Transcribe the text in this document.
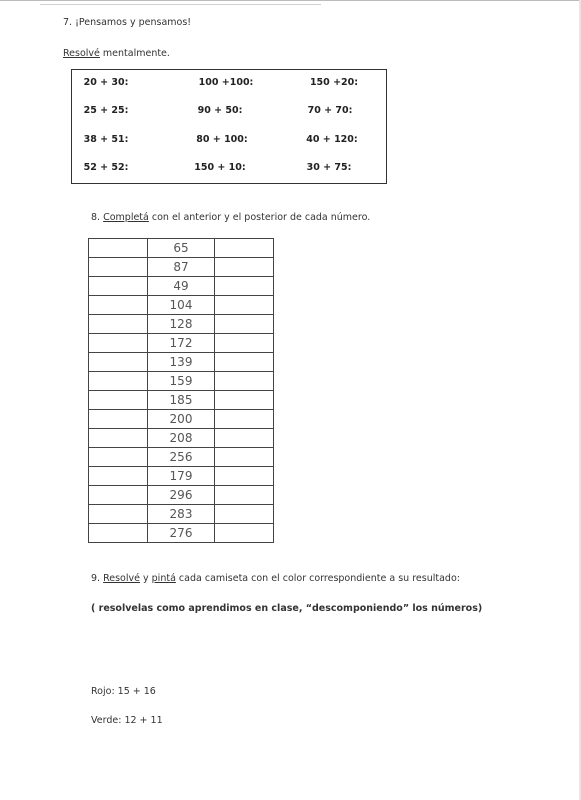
7. ¡Pensamos y pensamos!
Resolvé mentalmente.
20 + 30:	100 +100:	150 +20:
25 + 25:	90 + 50:	70 + 70:
38 + 51:	80 + 100:	40 + 120:
52 + 52:	150 + 10:	30 + 75:
8. Completá con el anterior y el posterior de cada número.
	65	
	87	
	49	
	104	
	128	
	172	
	139	
	159	
	185	
	200	
	208	
	256	
	179	
	296	
	283	
	276	
9. Resolvé y pintá cada camiseta con el color correspondiente a su resultado:
( resolvelas como aprendimos en clase, “descomponiendo” los números)
Rojo: 15 + 16
Verde: 12 + 11
